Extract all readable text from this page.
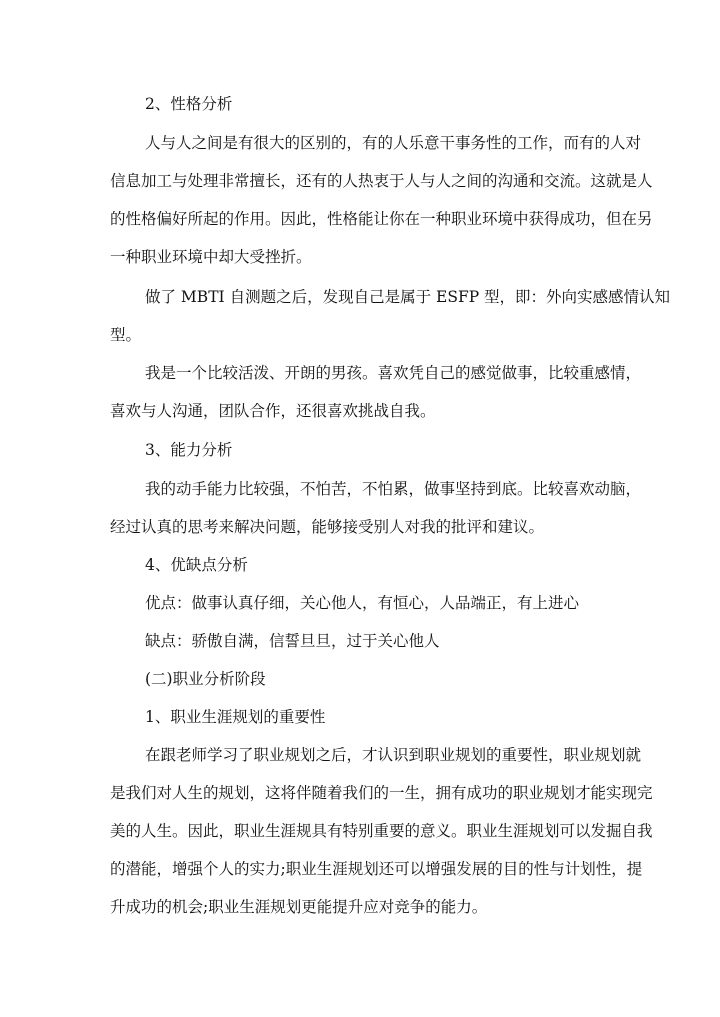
2、性格分析
人与人之间是有很大的区别的，有的人乐意干事务性的工作，而有的人对
信息加工与处理非常擅长，还有的人热衷于人与人之间的沟通和交流。这就是人
的性格偏好所起的作用。因此，性格能让你在一种职业环境中获得成功，但在另
一种职业环境中却大受挫折。
做了 MBTI 自测题之后，发现自己是属于 ESFP 型，即：外向实感感情认知
型。
我是一个比较活泼、开朗的男孩。喜欢凭自己的感觉做事，比较重感情，
喜欢与人沟通，团队合作，还很喜欢挑战自我。
3、能力分析
我的动手能力比较强，不怕苦，不怕累，做事坚持到底。比较喜欢动脑，
经过认真的思考来解决问题，能够接受别人对我的批评和建议。
4、优缺点分析
优点：做事认真仔细，关心他人，有恒心，人品端正，有上进心
缺点：骄傲自满，信誓旦旦，过于关心他人
(二)职业分析阶段
1、职业生涯规划的重要性
在跟老师学习了职业规划之后，才认识到职业规划的重要性，职业规划就
是我们对人生的规划，这将伴随着我们的一生，拥有成功的职业规划才能实现完
美的人生。因此，职业生涯规具有特别重要的意义。职业生涯规划可以发掘自我
的潜能，增强个人的实力;职业生涯规划还可以增强发展的目的性与计划性，提
升成功的机会;职业生涯规划更能提升应对竞争的能力。
